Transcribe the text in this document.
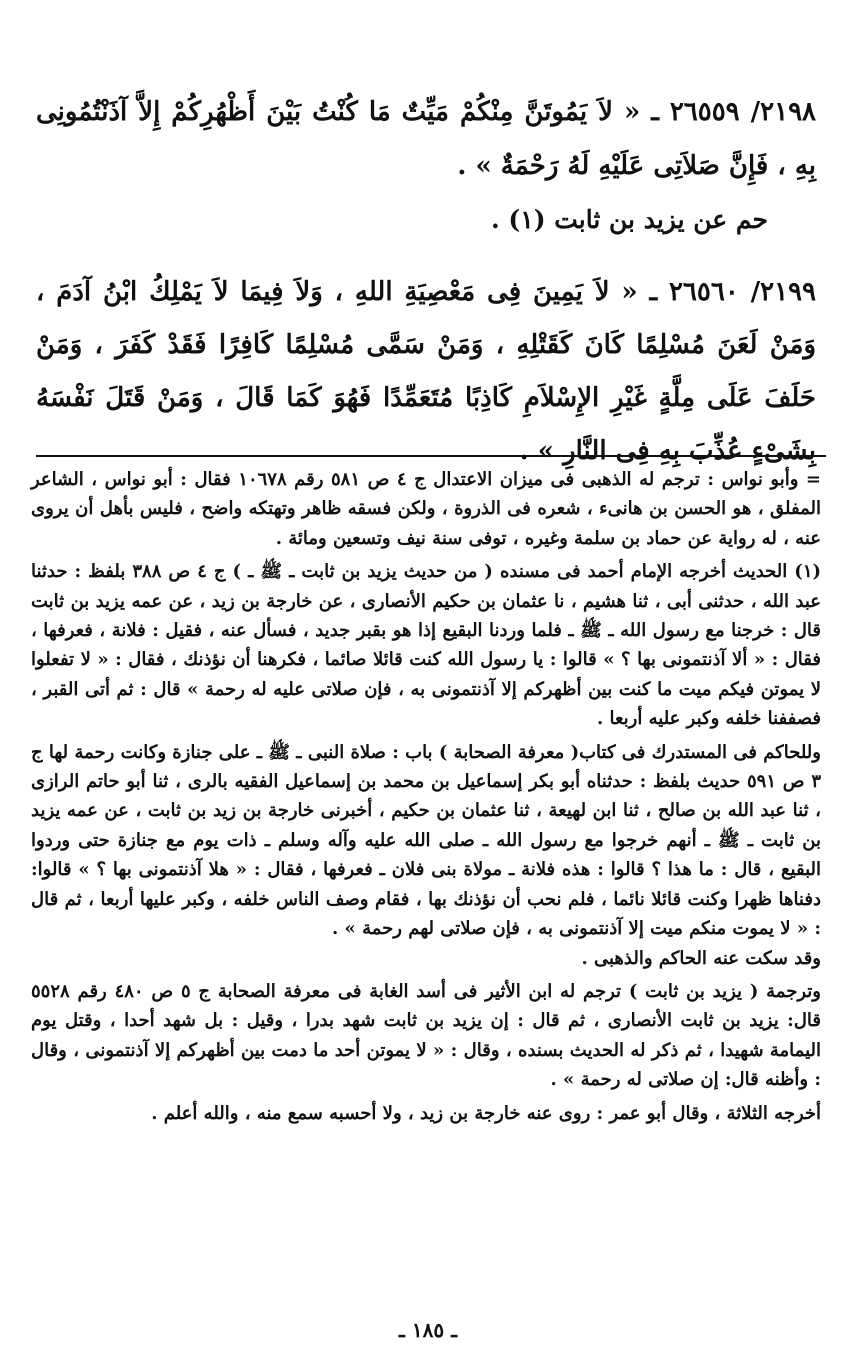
٢١٩٨/ ٢٦٥٥٩ ـ « لاَ يَمُوتَنَّ مِنْكُمْ مَيِّتٌ مَا كُنْتُ بَيْنَ أَظْهُرِكُمْ إِلاَّ آذَنْتُمُونِى بِهِ ، فَإِنَّ صَلاَتِى عَلَيْهِ لَهُ رَحْمَةٌ » .

حم عن يزيد بن ثابت (١) .

٢١٩٩/ ٢٦٥٦٠ ـ « لاَ يَمِينَ فِى مَعْصِيَةِ اللهِ ، وَلاَ فِيمَا لاَ يَمْلِكُ ابْنُ آدَمَ ، وَمَنْ لَعَنَ مُسْلِمًا كَانَ كَقَتْلِهِ ، وَمَنْ سَمَّى مُسْلِمًا كَافِرًا فَقَدْ كَفَرَ ، وَمَنْ حَلَفَ عَلَى مِلَّةٍ غَيْرِ الإِسْلاَمِ كَاذِبًا مُتَعَمِّدًا فَهُوَ كَمَا قَالَ ، وَمَنْ قَتَلَ نَفْسَهُ بِشَىْءٍ عُذِّبَ بِهِ فِى النَّارِ » .

= وأبو نواس : ترجم له الذهبى فى ميزان الاعتدال ج ٤ ص ٥٨١ رقم ١٠٦٧٨ فقال : أبو نواس ، الشاعر المفلق ، هو الحسن بن هانىء ، شعره فى الذروة ، ولكن فسقه ظاهر وتهتكه واضح ، فليس بأهل أن يروى عنه ، له رواية عن حماد بن سلمة وغيره ، توفى سنة نيف وتسعين ومائة .

(١) الحديث أخرجه الإمام أحمد فى مسنده ( من حديث يزيد بن ثابت ـ ﷺ ـ ) ج ٤ ص ٣٨٨ بلفظ : حدثنا عبد الله ، حدثنى أبى ، ثنا هشيم ، نا عثمان بن حكيم الأنصارى ، عن خارجة بن زيد ، عن عمه يزيد بن ثابت قال : خرجنا مع رسول الله ـ ﷺ ـ فلما وردنا البقيع إذا هو بقبر جديد ، فسأل عنه ، فقيل : فلانة ، فعرفها ، فقال : « ألا آذنتمونى بها ؟ » قالوا : يا رسول الله كنت قائلا صائما ، فكرهنا أن نؤذنك ، فقال : « لا تفعلوا لا يموتن فيكم ميت ما كنت بين أظهركم إلا آذنتمونى به ، فإن صلاتى عليه له رحمة » قال : ثم أتى القبر ، فصففنا خلفه وكبر عليه أربعا .

وللحاكم فى المستدرك فى كتاب( معرفة الصحابة ) باب : صلاة النبى ـ ﷺ ـ على جنازة وكانت رحمة لها ج ٣ ص ٥٩١ حديث بلفظ : حدثناه أبو بكر إسماعيل بن محمد بن إسماعيل الفقيه بالرى ، ثنا أبو حاتم الرازى ، ثنا عبد الله بن صالح ، ثنا ابن لهيعة ، ثنا عثمان بن حكيم ، أخبرنى خارجة بن زيد بن ثابت ، عن عمه يزيد بن ثابت ـ ﷺ ـ أنهم خرجوا مع رسول الله ـ صلى الله عليه وآله وسلم ـ ذات يوم مع جنازة حتى وردوا البقيع ، قال : ما هذا ؟ قالوا : هذه فلانة ـ مولاة بنى فلان ـ فعرفها ، فقال : « هلا آذنتمونى بها ؟ » قالوا: دفناها ظهرا وكنت قائلا نائما ، فلم نحب أن نؤذنك بها ، فقام وصف الناس خلفه ، وكبر عليها أربعا ، ثم قال : « لا يموت منكم ميت إلا آذنتمونى به ، فإن صلاتى لهم رحمة » .

وقد سكت عنه الحاكم والذهبى .

وترجمة ( يزيد بن ثابت ) ترجم له ابن الأثير فى أسد الغابة فى معرفة الصحابة ج ٥ ص ٤٨٠ رقم ٥٥٢٨ قال: يزيد بن ثابت الأنصارى ، ثم قال : إن يزيد بن ثابت شهد بدرا ، وقيل : بل شهد أحدا ، وقتل يوم اليمامة شهيدا ، ثم ذكر له الحديث بسنده ، وقال : « لا يموتن أحد ما دمت بين أظهركم إلا آذنتمونى ، وقال : وأظنه قال: إن صلاتى له رحمة » .

أخرجه الثلاثة ، وقال أبو عمر : روى عنه خارجة بن زيد ، ولا أحسبه سمع منه ، والله أعلم .

ـ ١٨٥ ـ
